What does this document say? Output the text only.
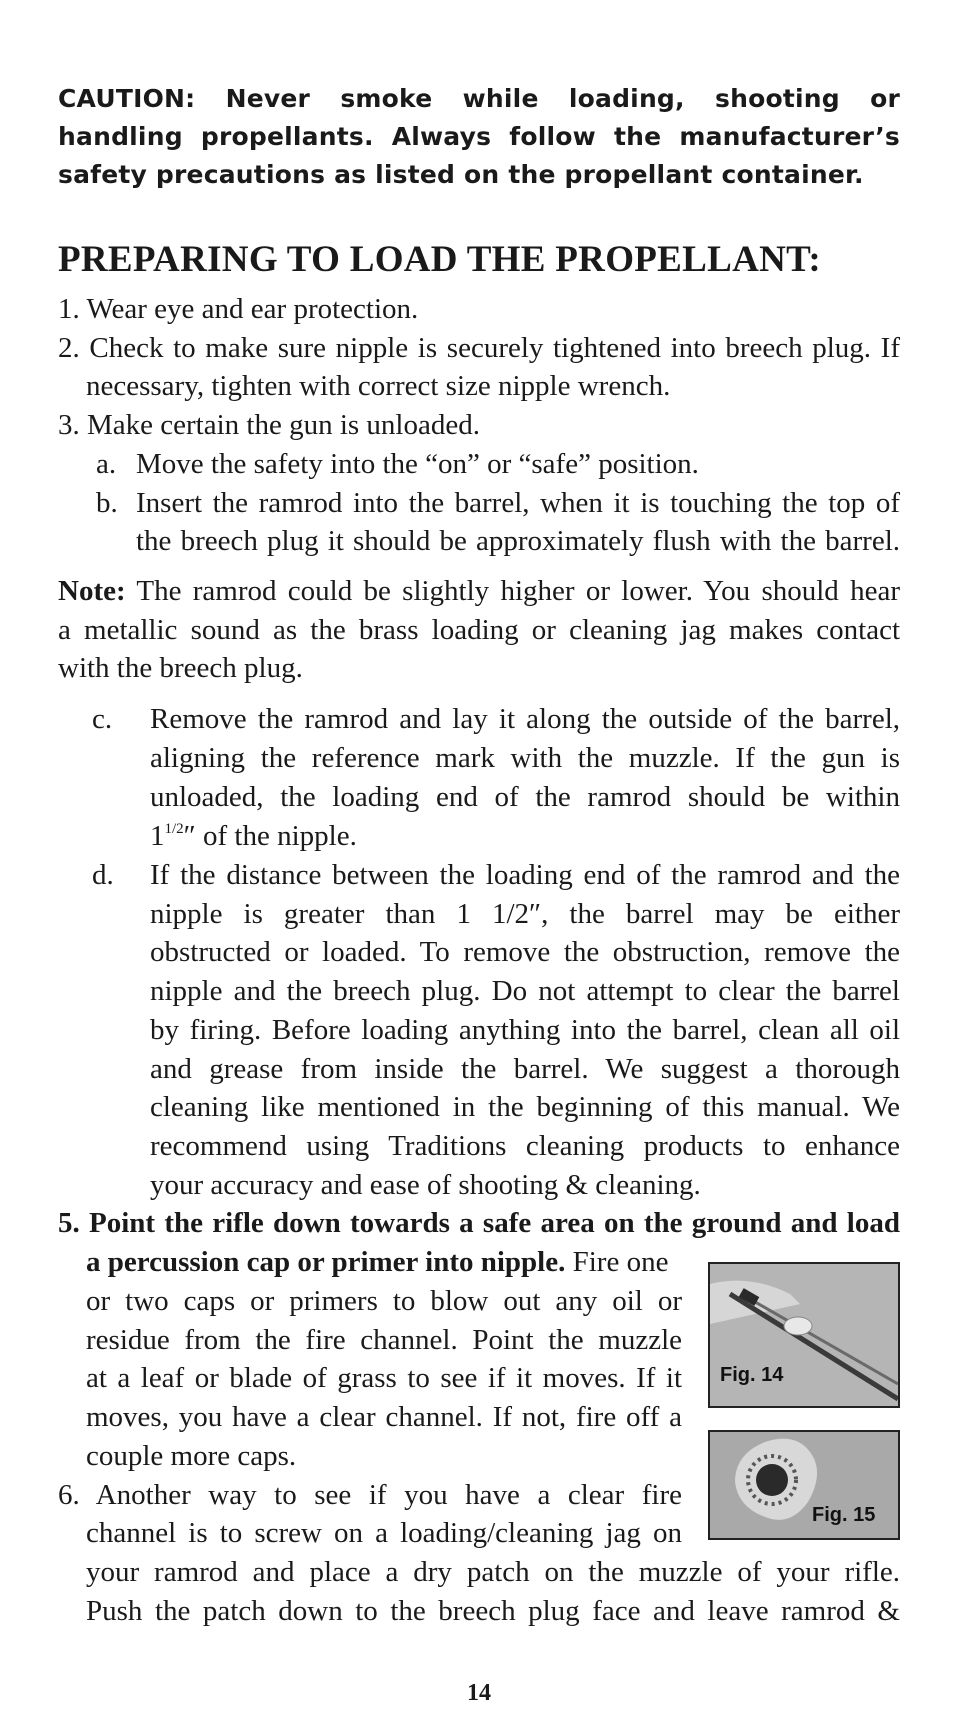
CAUTION: Never smoke while loading, shooting or
handling propellants. Always follow the manufacturer’s
safety precautions as listed on the propellant container.
PREPARING TO LOAD THE PROPELLANT:
1. Wear eye and ear protection.
2. Check to make sure nipple is securely tightened into breech plug. If
necessary, tighten with correct size nipple wrench.
3. Make certain the gun is unloaded.
a. Move the safety into the “on” or “safe” position.
b. Insert the ramrod into the barrel, when it is touching the top of
the breech plug it should be approximately flush with the barrel.
Note: The ramrod could be slightly higher or lower. You should hear
a metallic sound as the brass loading or cleaning jag makes contact
with the breech plug.
c. Remove the ramrod and lay it along the outside of the barrel,
aligning the reference mark with the muzzle. If the gun is
unloaded, the loading end of the ramrod should be within
$1^{1/2}''$ of the nipple.
d. If the distance between the loading end of the ramrod and the
nipple is greater than 1 1/2″, the barrel may be either
obstructed or loaded. To remove the obstruction, remove the
nipple and the breech plug. Do not attempt to clear the barrel
by firing. Before loading anything into the barrel, clean all oil
and grease from inside the barrel. We suggest a thorough
cleaning like mentioned in the beginning of this manual. We
recommend using Traditions cleaning products to enhance
your accuracy and ease of shooting & cleaning.
5. Point the rifle down towards a safe area on the ground and load
a percussion cap or primer into nipple. Fire one
or two caps or primers to blow out any oil or
residue from the fire channel. Point the muzzle
at a leaf or blade of grass to see if it moves. If it
moves, you have a clear channel. If not, fire off a
couple more caps.
6. Another way to see if you have a clear fire
channel is to screw on a loading/cleaning jag on
your ramrod and place a dry patch on the muzzle of your rifle.
Push the patch down to the breech plug face and leave ramrod &
Fig. 14
Fig. 15
14
